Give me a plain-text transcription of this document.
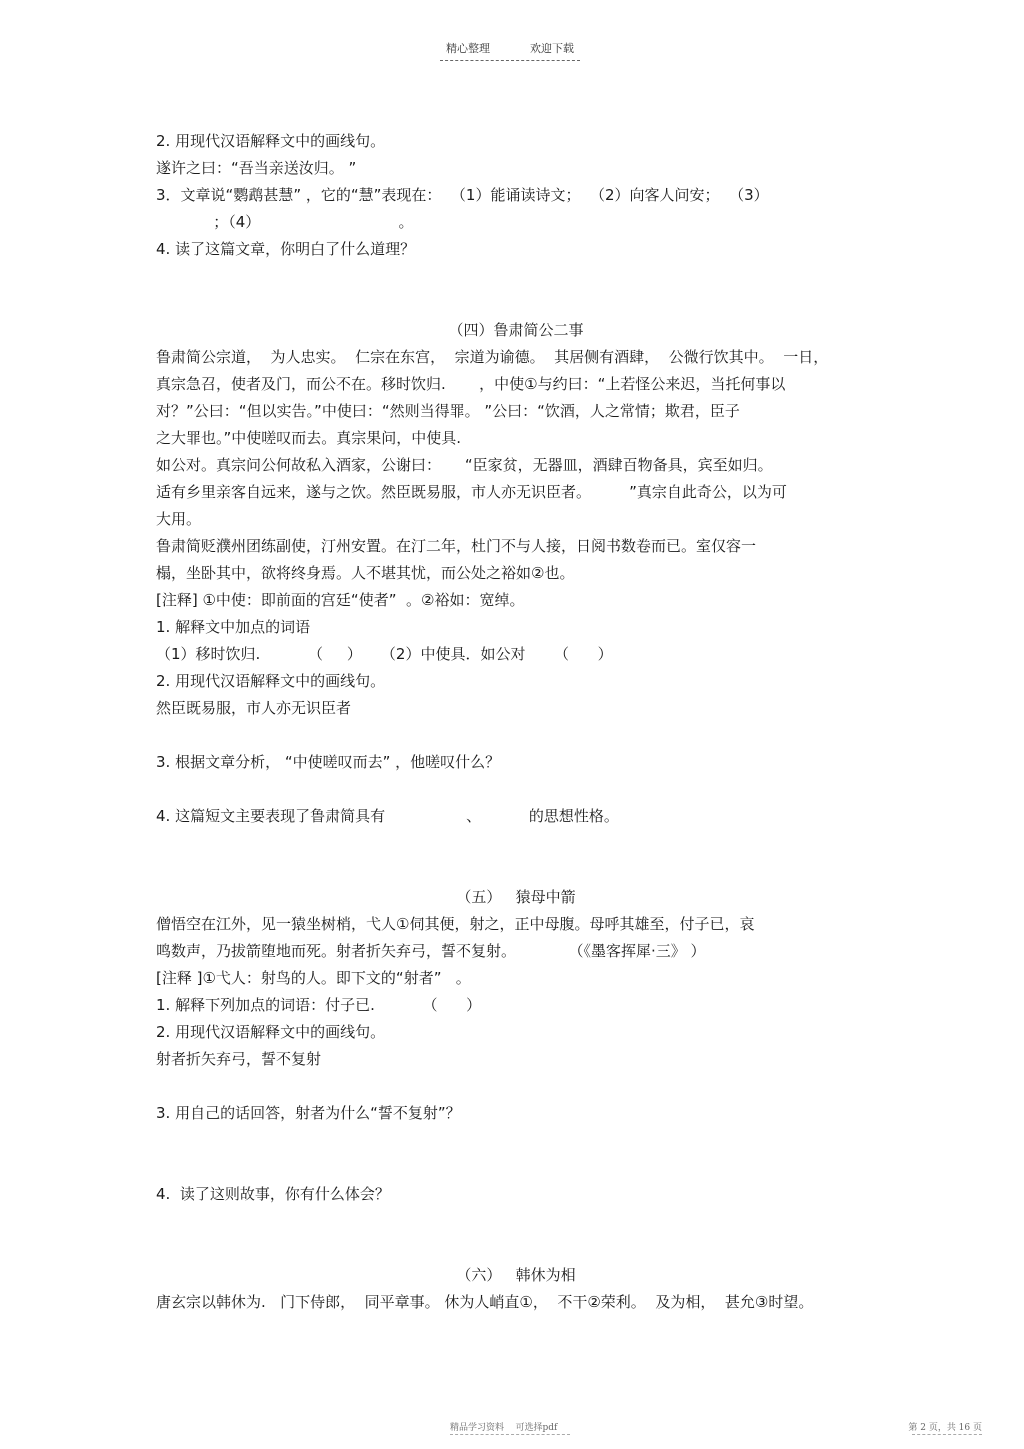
精心整理	欢迎下载
2. 用现代汉语解释文中的画线句。
遂许之曰：“吾当亲送汝归。 ”
3．文章说“鹦鹉甚慧” ，它的“慧”表现在：  （1）能诵读诗文；  （2）向客人问安；  （3）
；（4）                             。
4. 读了这篇文章，你明白了什么道理？
（四）鲁肃简公二事
鲁肃简公宗道，  为人忠实。  仁宗在东宫，  宗道为谕德。  其居侧有酒肆，  公微行饮其中。  一日，
真宗急召，使者及门，而公不在。移时饮归.       ，中使①与约曰：“上若怪公来迟，当托何事以
对？”公曰：“但以实告。”中使曰：“然则当得罪。 ”公曰：“饮酒，人之常情；欺君，臣子
之大罪也。”中使嗟叹而去。真宗果问，中使具.
如公对。真宗问公何故私入酒家，公谢曰：     “臣家贫，无器皿，酒肆百物备具，宾至如归。
适有乡里亲客自远来，遂与之饮。然臣既易服，市人亦无识臣者。        ”真宗自此奇公，以为可
大用。
鲁肃简贬濮州团练副使，汀州安置。在汀二年，杜门不与人接，日阅书数卷而已。室仅容一
榻，坐卧其中，欲将终身焉。人不堪其忧，而公处之裕如②也。
[注释] ①中使：即前面的宫廷“使者”  。②裕如：宽绰。
1. 解释文中加点的词语
（1）移时饮归.          （     ）    （2）中使具．如公对      （      ）
2. 用现代汉语解释文中的画线句。
然臣既易服，市人亦无识臣者
3. 根据文章分析， “中使嗟叹而去” ，他嗟叹什么？
4. 这篇短文主要表现了鲁肃简具有                 、          的思想性格。
（五）   猿母中箭
僧悟空在江外，见一猿坐树梢，弋人①伺其便，射之，正中母腹。母呼其雄至，付子已，哀
鸣数声，乃拔箭堕地而死。射者折矢弃弓，誓不复射。           （《墨客挥犀·三》 ）
[注释 ]①弋人：射鸟的人。即下文的“射者”   。
1. 解释下列加点的词语：付子已.          （      ）
2. 用现代汉语解释文中的画线句。
射者折矢弃弓，誓不复射
3. 用自己的话回答，射者为什么“誓不复射”？
4.  读了这则故事，你有什么体会？
（六）   韩休为相
唐玄宗以韩休为.   门下侍郎，  同平章事。 休为人峭直①，  不干②荣利。  及为相，  甚允③时望。
精品学习资料    可选择pdf	第 2 页，共 16 页
